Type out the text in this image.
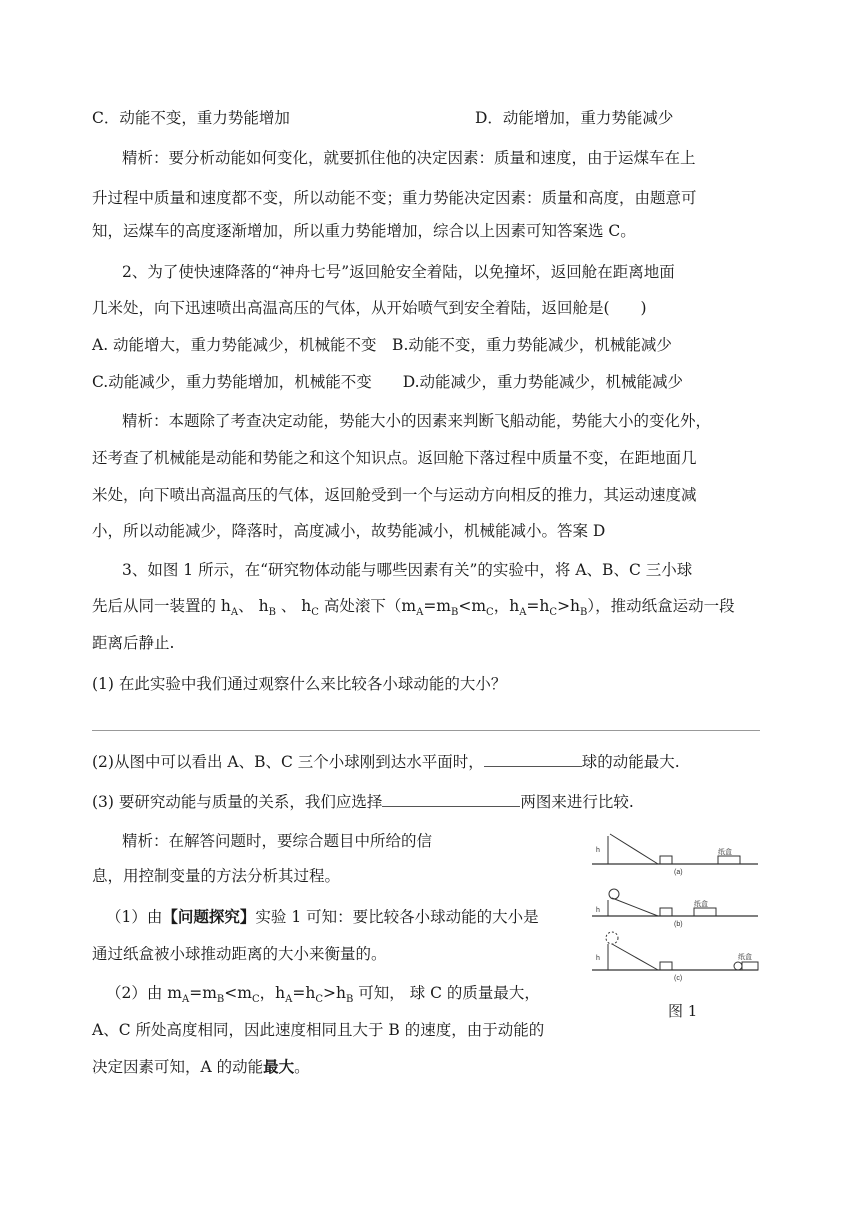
C．动能不变，重力势能增加	D．动能增加，重力势能减少
精析：要分析动能如何变化，就要抓住他的决定因素：质量和速度，由于运煤车在上
升过程中质量和速度都不变，所以动能不变；重力势能决定因素：质量和高度，由题意可
知，运煤车的高度逐渐增加，所以重力势能增加，综合以上因素可知答案选 C。
2、为了使快速降落的“神舟七号”返回舱安全着陆，以免撞坏，返回舱在距离地面
几米处，向下迅速喷出高温高压的气体，从开始喷气到安全着陆，返回舱是(　　)
A. 动能增大，重力势能减少，机械能不变　B.动能不变，重力势能减少，机械能减少
C.动能减少，重力势能增加，机械能不变　　D.动能减少，重力势能减少，机械能减少
精析：本题除了考查决定动能，势能大小的因素来判断飞船动能，势能大小的变化外，
还考查了机械能是动能和势能之和这个知识点。返回舱下落过程中质量不变，在距地面几
米处，向下喷出高温高压的气体，返回舱受到一个与运动方向相反的推力，其运动速度减
小，所以动能减少，降落时，高度减小，故势能减小，机械能减小。答案 D
3、如图 1 所示，在“研究物体动能与哪些因素有关”的实验中，将 A、B、C 三小球
先后从同一装置的 $h_A$、 $h_B$ 、 $h_C$ 高处滚下（$m_A=m_B<m_C$，$h_A=h_C>h_B$），推动纸盒运动一段
距离后静止.
(1) 在此实验中我们通过观察什么来比较各小球动能的大小？
(2)从图中可以看出 A、B、C 三个小球刚到达水平面时，	球的动能最大.
(3) 要研究动能与质量的关系，我们应选择	两图来进行比较.
精析：在解答问题时，要综合题目中所给的信
息，用控制变量的方法分析其过程。
（1）由【问题探究】实验 1 可知：要比较各小球动能的大小是
通过纸盒被小球推动距离的大小来衡量的。
（2）由 $m_A=m_B<m_C$，$h_A=h_C>h_B$ 可知， 球 C 的质量最大，
A、C 所处高度相同，因此速度相同且大于 B 的速度，由于动能的
决定因素可知，A 的动能最大。
h	纸盒
(a)
h
纸盒
(b)
h	纸盒
(c)
图 1
